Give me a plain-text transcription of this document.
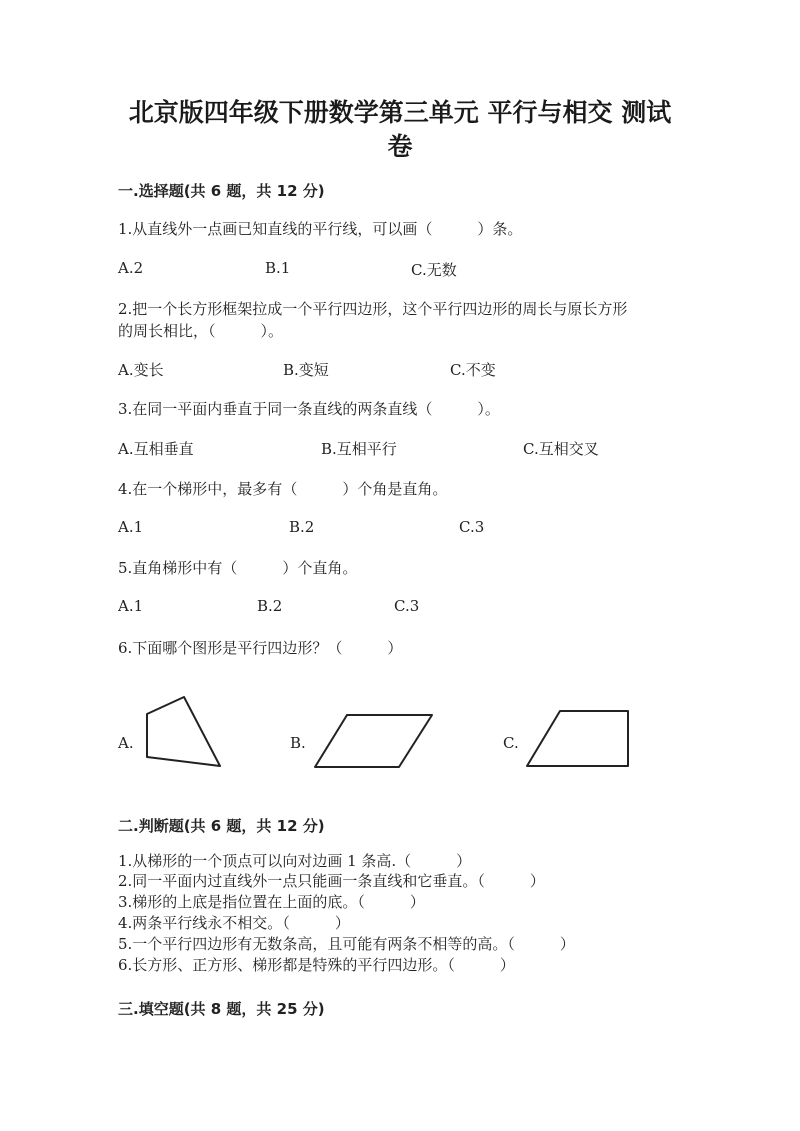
北京版四年级下册数学第三单元 平行与相交 测试
卷
一.选择题(共 6 题，共 12 分)
1.从直线外一点画已知直线的平行线，可以画（　　　）条。
A.2	B.1	C.无数
2.把一个长方形框架拉成一个平行四边形，这个平行四边形的周长与原长方形
的周长相比，（　　　）。
A.变长	B.变短	C.不变
3.在同一平面内垂直于同一条直线的两条直线（　　　）。
A.互相垂直	B.互相平行	C.互相交叉
4.在一个梯形中，最多有（　　　）个角是直角。
A.1	B.2	C.3
5.直角梯形中有（　　　）个直角。
A.1	B.2	C.3
6.下面哪个图形是平行四边形？（　　　）
A.	B.	C.
二.判断题(共 6 题，共 12 分)
1.从梯形的一个顶点可以向对边画 1 条高.（　　　）
2.同一平面内过直线外一点只能画一条直线和它垂直。（　　　）
3.梯形的上底是指位置在上面的底。（　　　）
4.两条平行线永不相交。（　　　）
5.一个平行四边形有无数条高，且可能有两条不相等的高。（　　　）
6.长方形、正方形、梯形都是特殊的平行四边形。（　　　）
三.填空题(共 8 题，共 25 分)
